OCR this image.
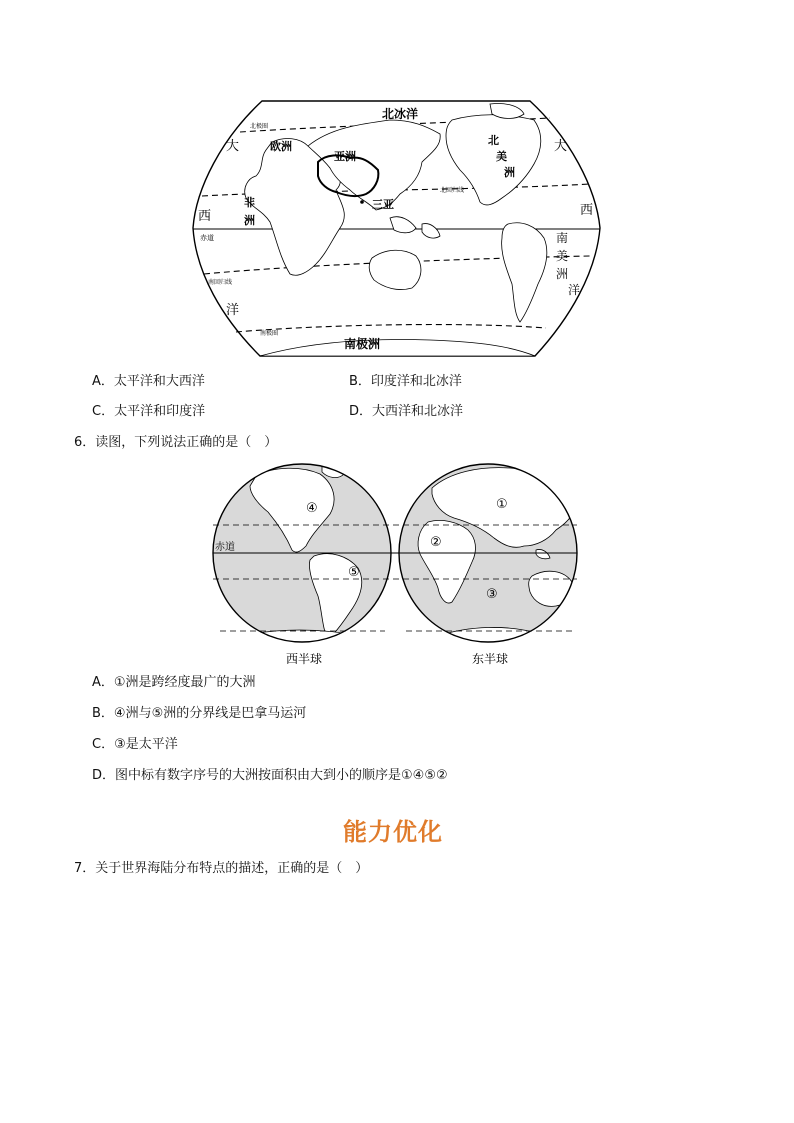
北冰洋
大
西
洋
大
西
欧洲
亚洲
非
洲
三亚
北
美
洲
南
美
洲
洋
南极洲
赤道
北回归线
南回归线
北极圈
南极圈
A．太平洋和大西洋	B．印度洋和北冰洋
C．太平洋和印度洋	D．大西洋和北冰洋
6．读图，下列说法正确的是（　）
赤道
④
⑤
①
②
③
西半球	东半球
A．①洲是跨经度最广的大洲
B．④洲与⑤洲的分界线是巴拿马运河
C．③是太平洋
D．图中标有数字序号的大洲按面积由大到小的顺序是①④⑤②
能力优化
7．关于世界海陆分布特点的描述，正确的是（　）
